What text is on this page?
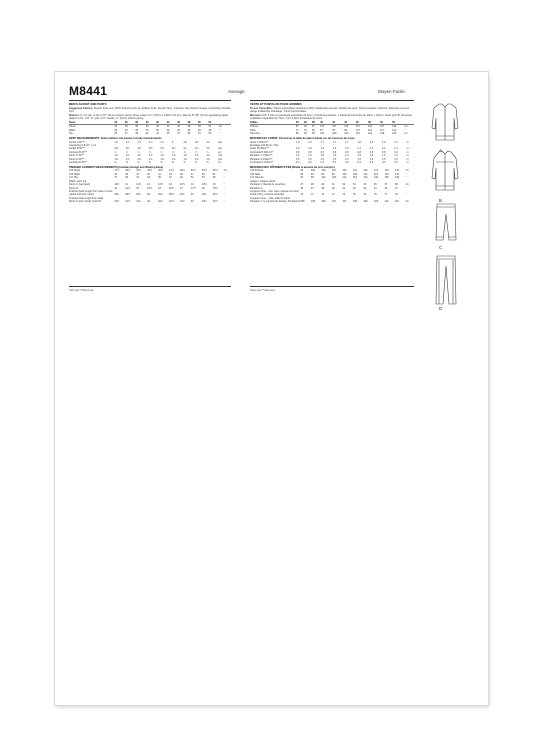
M8441	Average	Moyen Facile

MEN'S JACKET AND PANTS

Suggested Fabrics: Stretch Knits only (35% Stretch) such as: Athletic Knits, French Terry, Interlock. See Stretch Gauge. Interfacing: Fusible Knit.

Notions: A: 1⅛ yds. (1.0m) of ⅜" (6mm) stretch piping, three snaps of ¾" (15cm x 102cm) rib trim. Also for B: 28" (71cm) separating zipper (adjust to fit). C,D: 4¾ yds. of ⅜" elastic, ¼" (6mm) stretch piping.

Sizes	34	36	38	40	42	44	46	48	50	52	
Chest	34	36	38	40	42	44	46	48	50	52	ins
Waist	28	30	32	34	36	39	42	44	46	48	"
Hip	35	37	39	41	43	45	47	49	51	53	"

BODY MEASUREMENTS: Select pattern size based on body measurements.

Jacket A 60"**	1⅝	1⅝	1⅞	1⅞	1⅞	2	2⅛	2⅛	2¼	yds
Interfacing A,B 20", 1 yd.										
Jacket B 60"**	2⅛	2⅛	2⅛	2⅛	2⅛	2¼	2¼	2¼	2¼	yds
Contrast B 60"**	⅞	⅞	⅞	⅞	⅞	⅞	⅞	⅞	⅞	yd
Pants C 60"**	1⅝	1⅝	1⅝	1⅝	1⅝	1⅝	1⅝	1⅝	1⅝	yds
Pants D 60"**	1⅝	1⅝	1⅝	1⅝	1⅝	1⅝	1⅝	1⅝	1⅝	yds
Contrast D 60"**	⅜	⅜	⅜	⅜	⅜	⅜	⅜	⅜	⅜	yd

FINISHED GARMENT MEASUREMENTS (Includes Design and Wearing Ease)

A,B Chest	37½	39½	41½	43½	45½	47½	49½	51½	53½	55½	ins
A,B Waist	33	35	37	39	41	43	45	47	49	51	"
C,D Hip	37	39	41	43	45	47	49	51	53	55	"
Width, each leg											
Pants C (leg band)	10½	11	11½	12	12½	13	13½	14	14½	15	"
Pants D	14	14½	15	15½	16	16½	17	17½	18	18½	"
Finished back length from base of neck											
Jacket A,B (incl. band)	28¼	28½	28¾	29	29¼	29½	29¾	30	30¼	30½	"
Finished side length from waist											
Pants C (incl. band), Pants D	41½	41½	41¾	42	42¼	42½	42¾	43	43¼	43½	"

VESTE ET PANTALON POUR HOMMES

Tissus Conseillés: Tricots extensibles seulement (35% d'élasticité) tels que: Mailles de sport, Tissu bouclette, Interlock. Reportez-vous au Jauge d'élasticité. Entoilage: Tricot thermocollant.

Mercerie: A,B: 1,40m de passepoil extensible de 6mm, 3 boutons-pression, 1 bande de bord-côte de 15cm x 102cm. Aussi pour B: fermeture à glissière séparable de 71cm. C,D: 4,40m d'élastique de 6mm.

Tailles	34	36	38	40	42	44	46	48	50	52	
Poitrine	87	92	97	102	107	112	117	122	127	132	cm
Taille	71	76	82	87	92	99	107	112	117	122	"
Hanches	89	94	99	104	109	115	119	124	128	133	cm

MESURES DU CORPS: Choisissez la taille de patron basée sur les mesures du corps.

Veste A 150cm**	1,5	1,5	1,7	1,7	1,7	1,8	1,9	1,9	2,1	m
Entoilage A,B 51cm, 0,9m										
Veste B 150cm**	1,9	1,9	1,9	1,9	1,9	2,1	2,1	2,1	2,1	m
Contraste B 150cm**	0,8	0,8	0,8	0,8	0,8	0,8	0,8	0,8	0,8	m
Pantalon C 150cm**	1,5	1,5	1,5	1,5	1,5	1,5	1,5	1,5	1,5	m
Pantalon D 150cm**	1,5	1,5	1,5	1,5	1,5	1,5	1,5	1,5	1,5	m
Contraste D 150cm**	0,3	0,3	0,3	0,3	0,3	0,3	0,3	0,3	0,3	m

MESURES DES VÊTEMENTS FINI (Modèl et aisance de port compris)

A,B Poitrine	95	100	105	110	116	121	126	131	136	141	cm
A,B Taille	84	89	94	99	104	109	114	119	124	130	"
C,D Hanche	94	99	104	109	114	119	124	130	135	140	"
Largeur, chaque jambe											
Pantalon C (bande de la jambe)	27	28	29	31	32	33	34	36	37	38	cm
Pantalon D	36	37	38	39	41	42	43	44	46	47	"
Longueur finie – dos, votre marque à l'ourlet											
Veste A,B (y compris la bande)	72	72	73	74	74	75	76	76	77	78	"
Longueur finie – côté, taille à l'ourlet											
Pantalon C (y compris de bande), Pantalon D	105	105	106	107	107	108	109	109	110	110	cm
*with nap **without nap	*avec sens **sans sens
A
B
C
D
